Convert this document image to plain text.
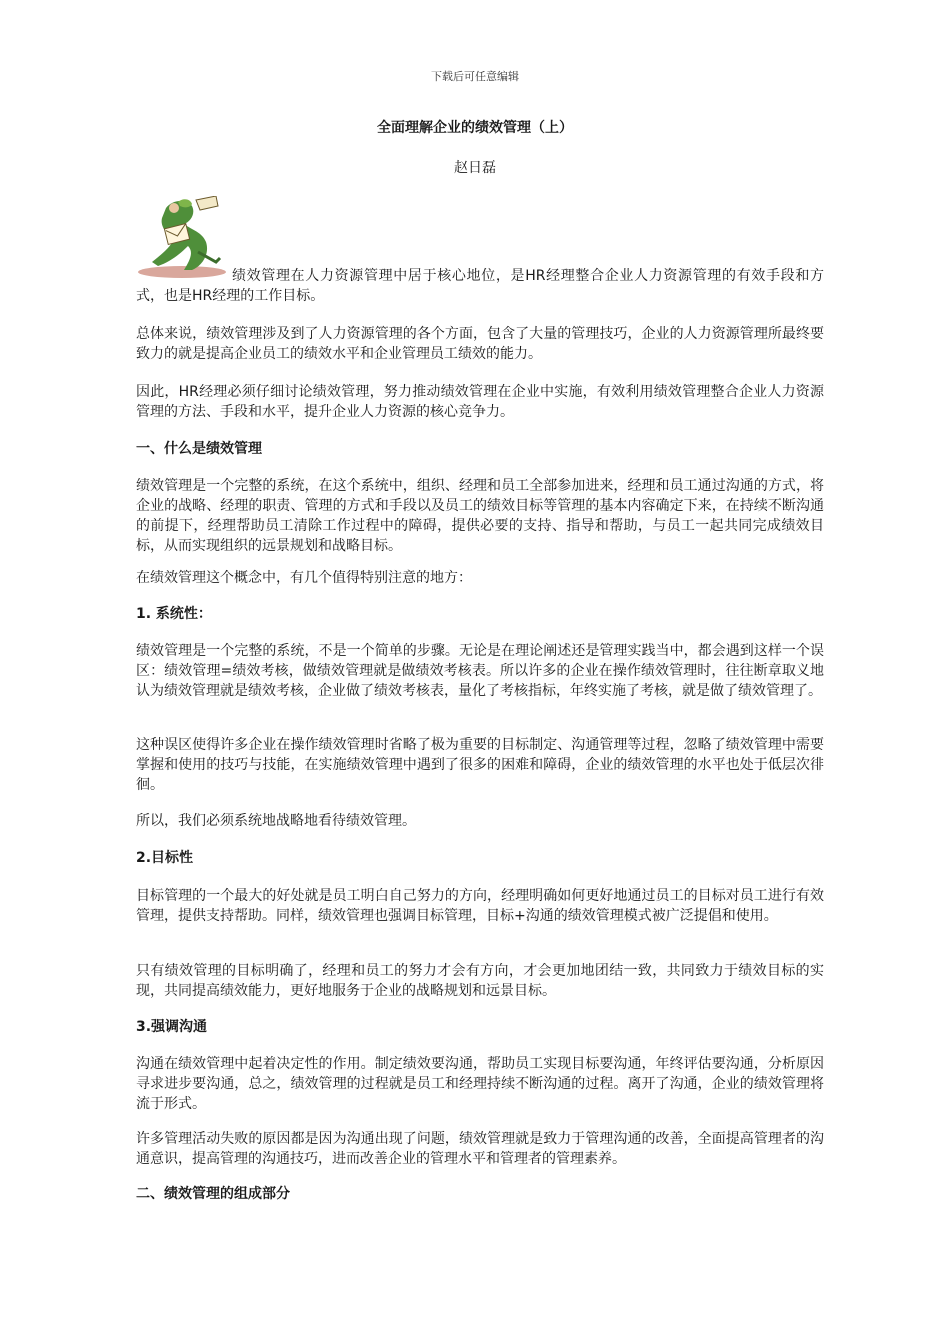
下载后可任意编辑
全面理解企业的绩效管理（上）
赵日磊

绩效管理在人力资源管理中居于核心地位，是HR经理整合企业人力资源管理的有效手段和方式，也是HR经理的工作目标。

总体来说，绩效管理涉及到了人力资源管理的各个方面，包含了大量的管理技巧，企业的人力资源管理所最终要致力的就是提高企业员工的绩效水平和企业管理员工绩效的能力。

因此，HR经理必须仔细讨论绩效管理，努力推动绩效管理在企业中实施，有效利用绩效管理整合企业人力资源管理的方法、手段和水平，提升企业人力资源的核心竞争力。

一、什么是绩效管理

绩效管理是一个完整的系统，在这个系统中，组织、经理和员工全部参加进来，经理和员工通过沟通的方式，将企业的战略、经理的职责、管理的方式和手段以及员工的绩效目标等管理的基本内容确定下来，在持续不断沟通的前提下，经理帮助员工清除工作过程中的障碍，提供必要的支持、指导和帮助，与员工一起共同完成绩效目标，从而实现组织的远景规划和战略目标。

在绩效管理这个概念中，有几个值得特别注意的地方：

1. 系统性：

绩效管理是一个完整的系统，不是一个简单的步骤。无论是在理论阐述还是管理实践当中，都会遇到这样一个误区：绩效管理=绩效考核，做绩效管理就是做绩效考核表。所以许多的企业在操作绩效管理时，往往断章取义地认为绩效管理就是绩效考核，企业做了绩效考核表，量化了考核指标，年终实施了考核，就是做了绩效管理了。

这种误区使得许多企业在操作绩效管理时省略了极为重要的目标制定、沟通管理等过程，忽略了绩效管理中需要掌握和使用的技巧与技能，在实施绩效管理中遇到了很多的困难和障碍，企业的绩效管理的水平也处于低层次徘徊。

所以，我们必须系统地战略地看待绩效管理。

2.目标性

目标管理的一个最大的好处就是员工明白自己努力的方向，经理明确如何更好地通过员工的目标对员工进行有效管理，提供支持帮助。同样，绩效管理也强调目标管理，目标+沟通的绩效管理模式被广泛提倡和使用。

只有绩效管理的目标明确了，经理和员工的努力才会有方向，才会更加地团结一致，共同致力于绩效目标的实现，共同提高绩效能力，更好地服务于企业的战略规划和远景目标。

3.强调沟通

沟通在绩效管理中起着决定性的作用。制定绩效要沟通，帮助员工实现目标要沟通，年终评估要沟通，分析原因寻求进步要沟通，总之，绩效管理的过程就是员工和经理持续不断沟通的过程。离开了沟通，企业的绩效管理将流于形式。

许多管理活动失败的原因都是因为沟通出现了问题，绩效管理就是致力于管理沟通的改善，全面提高管理者的沟通意识，提高管理的沟通技巧，进而改善企业的管理水平和管理者的管理素养。

二、绩效管理的组成部分
